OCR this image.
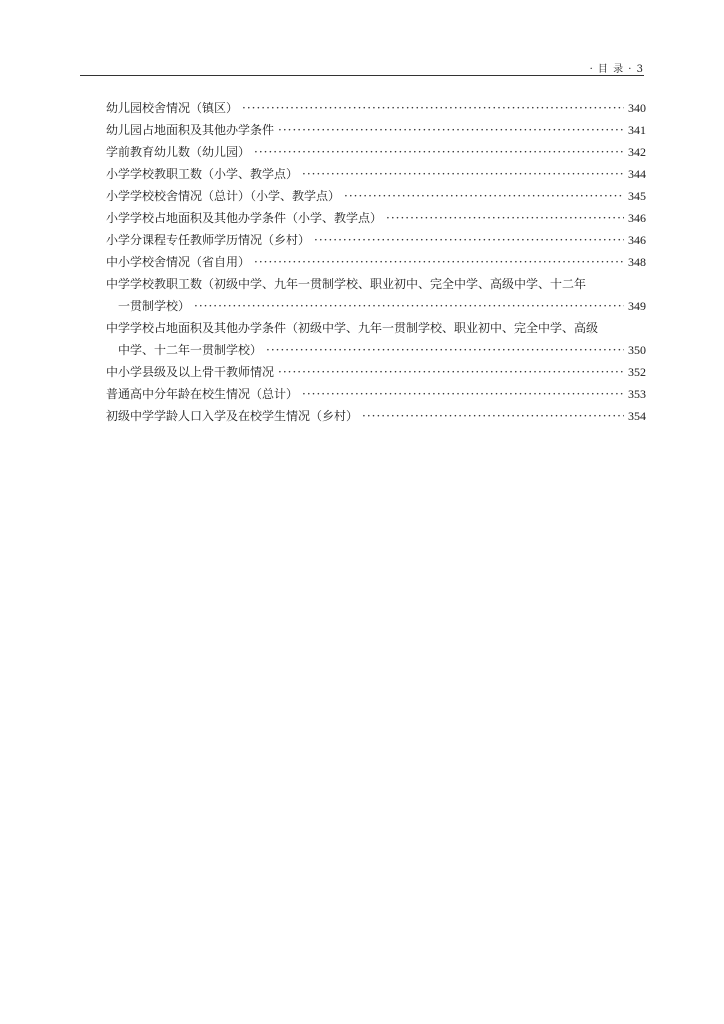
· 目 录 · 3
幼儿园校舍情况（镇区） ·····	340
幼儿园占地面积及其他办学条件 ·····	341
学前教育幼儿数（幼儿园） ·····	342
小学学校教职工数（小学、教学点） ·····	344
小学学校校舍情况（总计）（小学、教学点） ·····	345
小学学校占地面积及其他办学条件（小学、教学点） ·····	346
小学分课程专任教师学历情况（乡村） ·····	346
中小学校舍情况（省自用） ·····	348
中学学校教职工数（初级中学、九年一贯制学校、职业初中、完全中学、高级中学、十二年
一贯制学校） ·····	349
中学学校占地面积及其他办学条件（初级中学、九年一贯制学校、职业初中、完全中学、高级
中学、十二年一贯制学校） ·····	350
中小学县级及以上骨干教师情况 ·····	352
普通高中分年龄在校生情况（总计） ·····	353
初级中学学龄人口入学及在校学生情况（乡村） ·····	354
